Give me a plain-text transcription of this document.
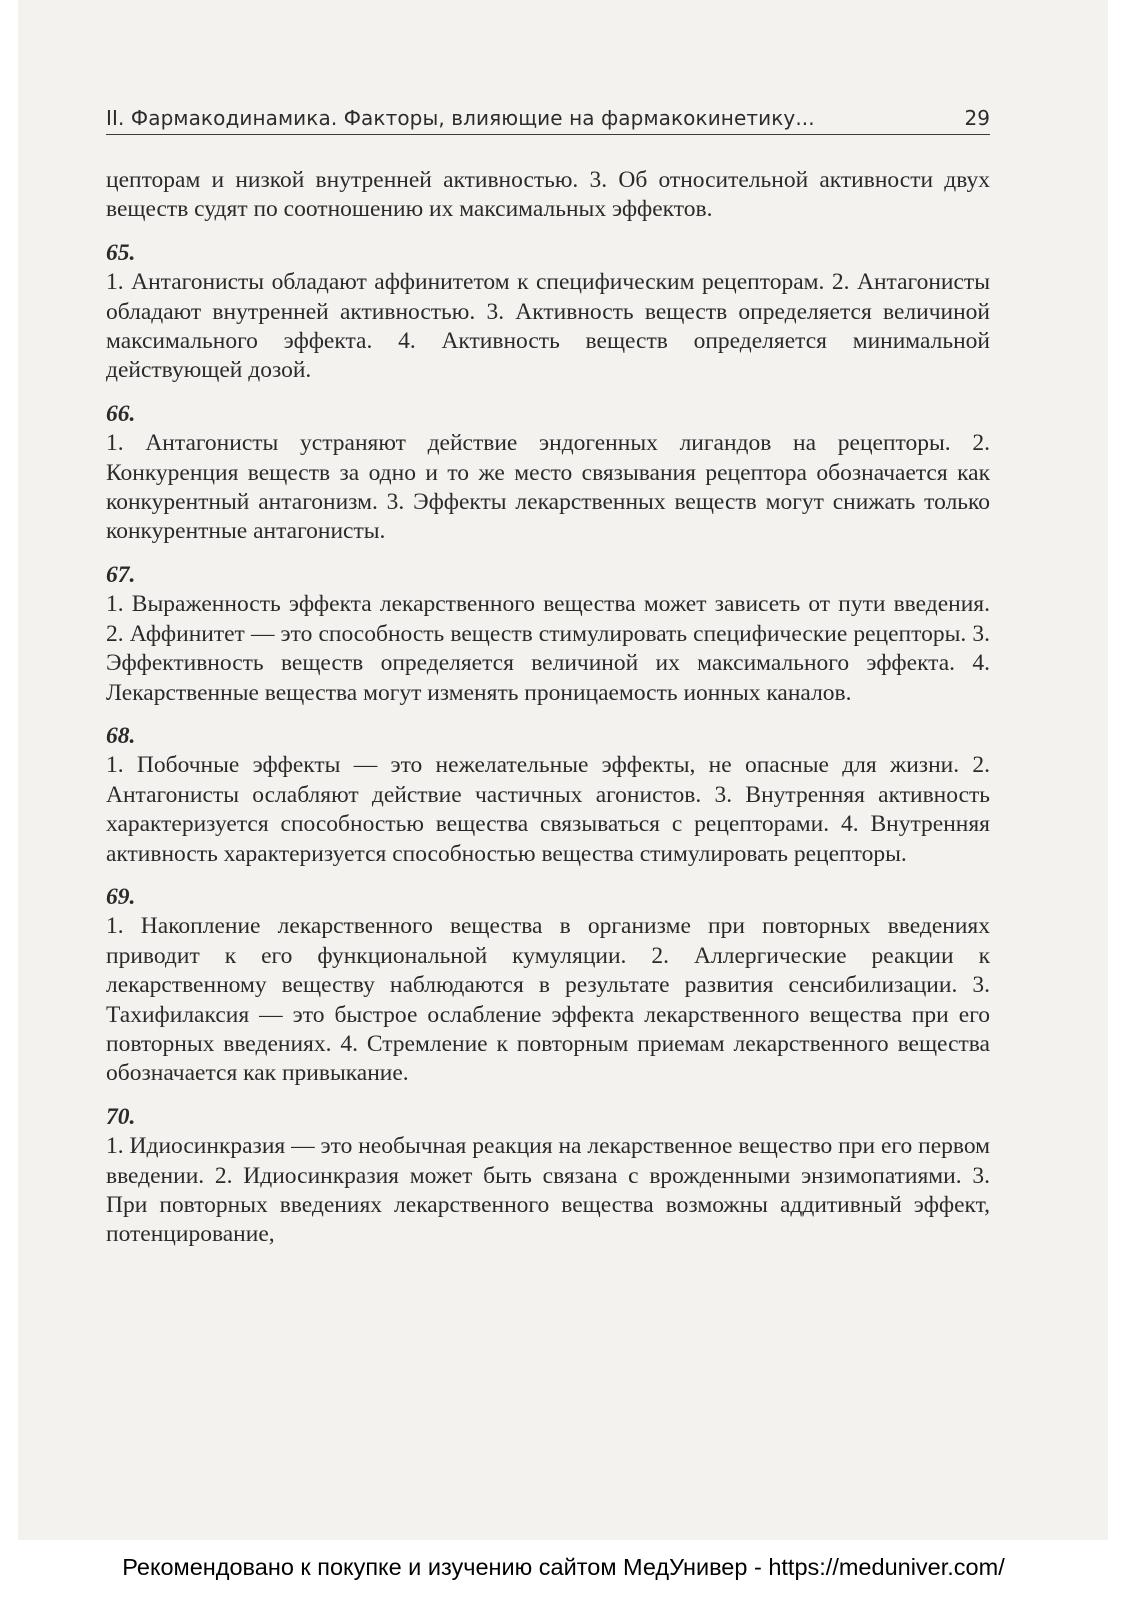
II. Фармакодинамика. Факторы, влияющие на фармакокинетику...	29

цепторам и низкой внутренней активностью. 3. Об относительной активности двух веществ судят по соотношению их максимальных эффектов.

65.

1. Антагонисты обладают аффинитетом к специфическим рецепторам. 2. Антагонисты обладают внутренней активностью. 3. Активность веществ определяется величиной максимального эффекта. 4. Активность веществ определяется минимальной действующей дозой.

66.

1. Антагонисты устраняют действие эндогенных лигандов на рецепторы. 2. Конкуренция веществ за одно и то же место связывания рецептора обозначается как конкурентный антагонизм. 3. Эффекты лекарственных веществ могут снижать только конкурентные антагонисты.

67.

1. Выраженность эффекта лекарственного вещества может зависеть от пути введения. 2. Аффинитет — это способность веществ стимулировать специфические рецепторы. 3. Эффективность веществ определяется величиной их максимального эффекта. 4. Лекарственные вещества могут изменять проницаемость ионных каналов.

68.

1. Побочные эффекты — это нежелательные эффекты, не опасные для жизни. 2. Антагонисты ослабляют действие частичных агонистов. 3. Внутренняя активность характеризуется способностью вещества связываться с рецепторами. 4. Внутренняя активность характеризуется способностью вещества стимулировать рецепторы.

69.

1. Накопление лекарственного вещества в организме при повторных введениях приводит к его функциональной кумуляции. 2. Аллергические реакции к лекарственному веществу наблюдаются в результате развития сенсибилизации. 3. Тахифилаксия — это быстрое ослабление эффекта лекарственного вещества при его повторных введениях. 4. Стремление к повторным приемам лекарственного вещества обозначается как привыкание.

70.

1. Идиосинкразия — это необычная реакция на лекарственное вещество при его первом введении. 2. Идиосинкразия может быть связана с врожденными энзимопатиями. 3. При повторных введениях лекарственного вещества возможны аддитивный эффект, потенцирование,

Рекомендовано к покупке и изучению сайтом МедУнивер - https://meduniver.com/
